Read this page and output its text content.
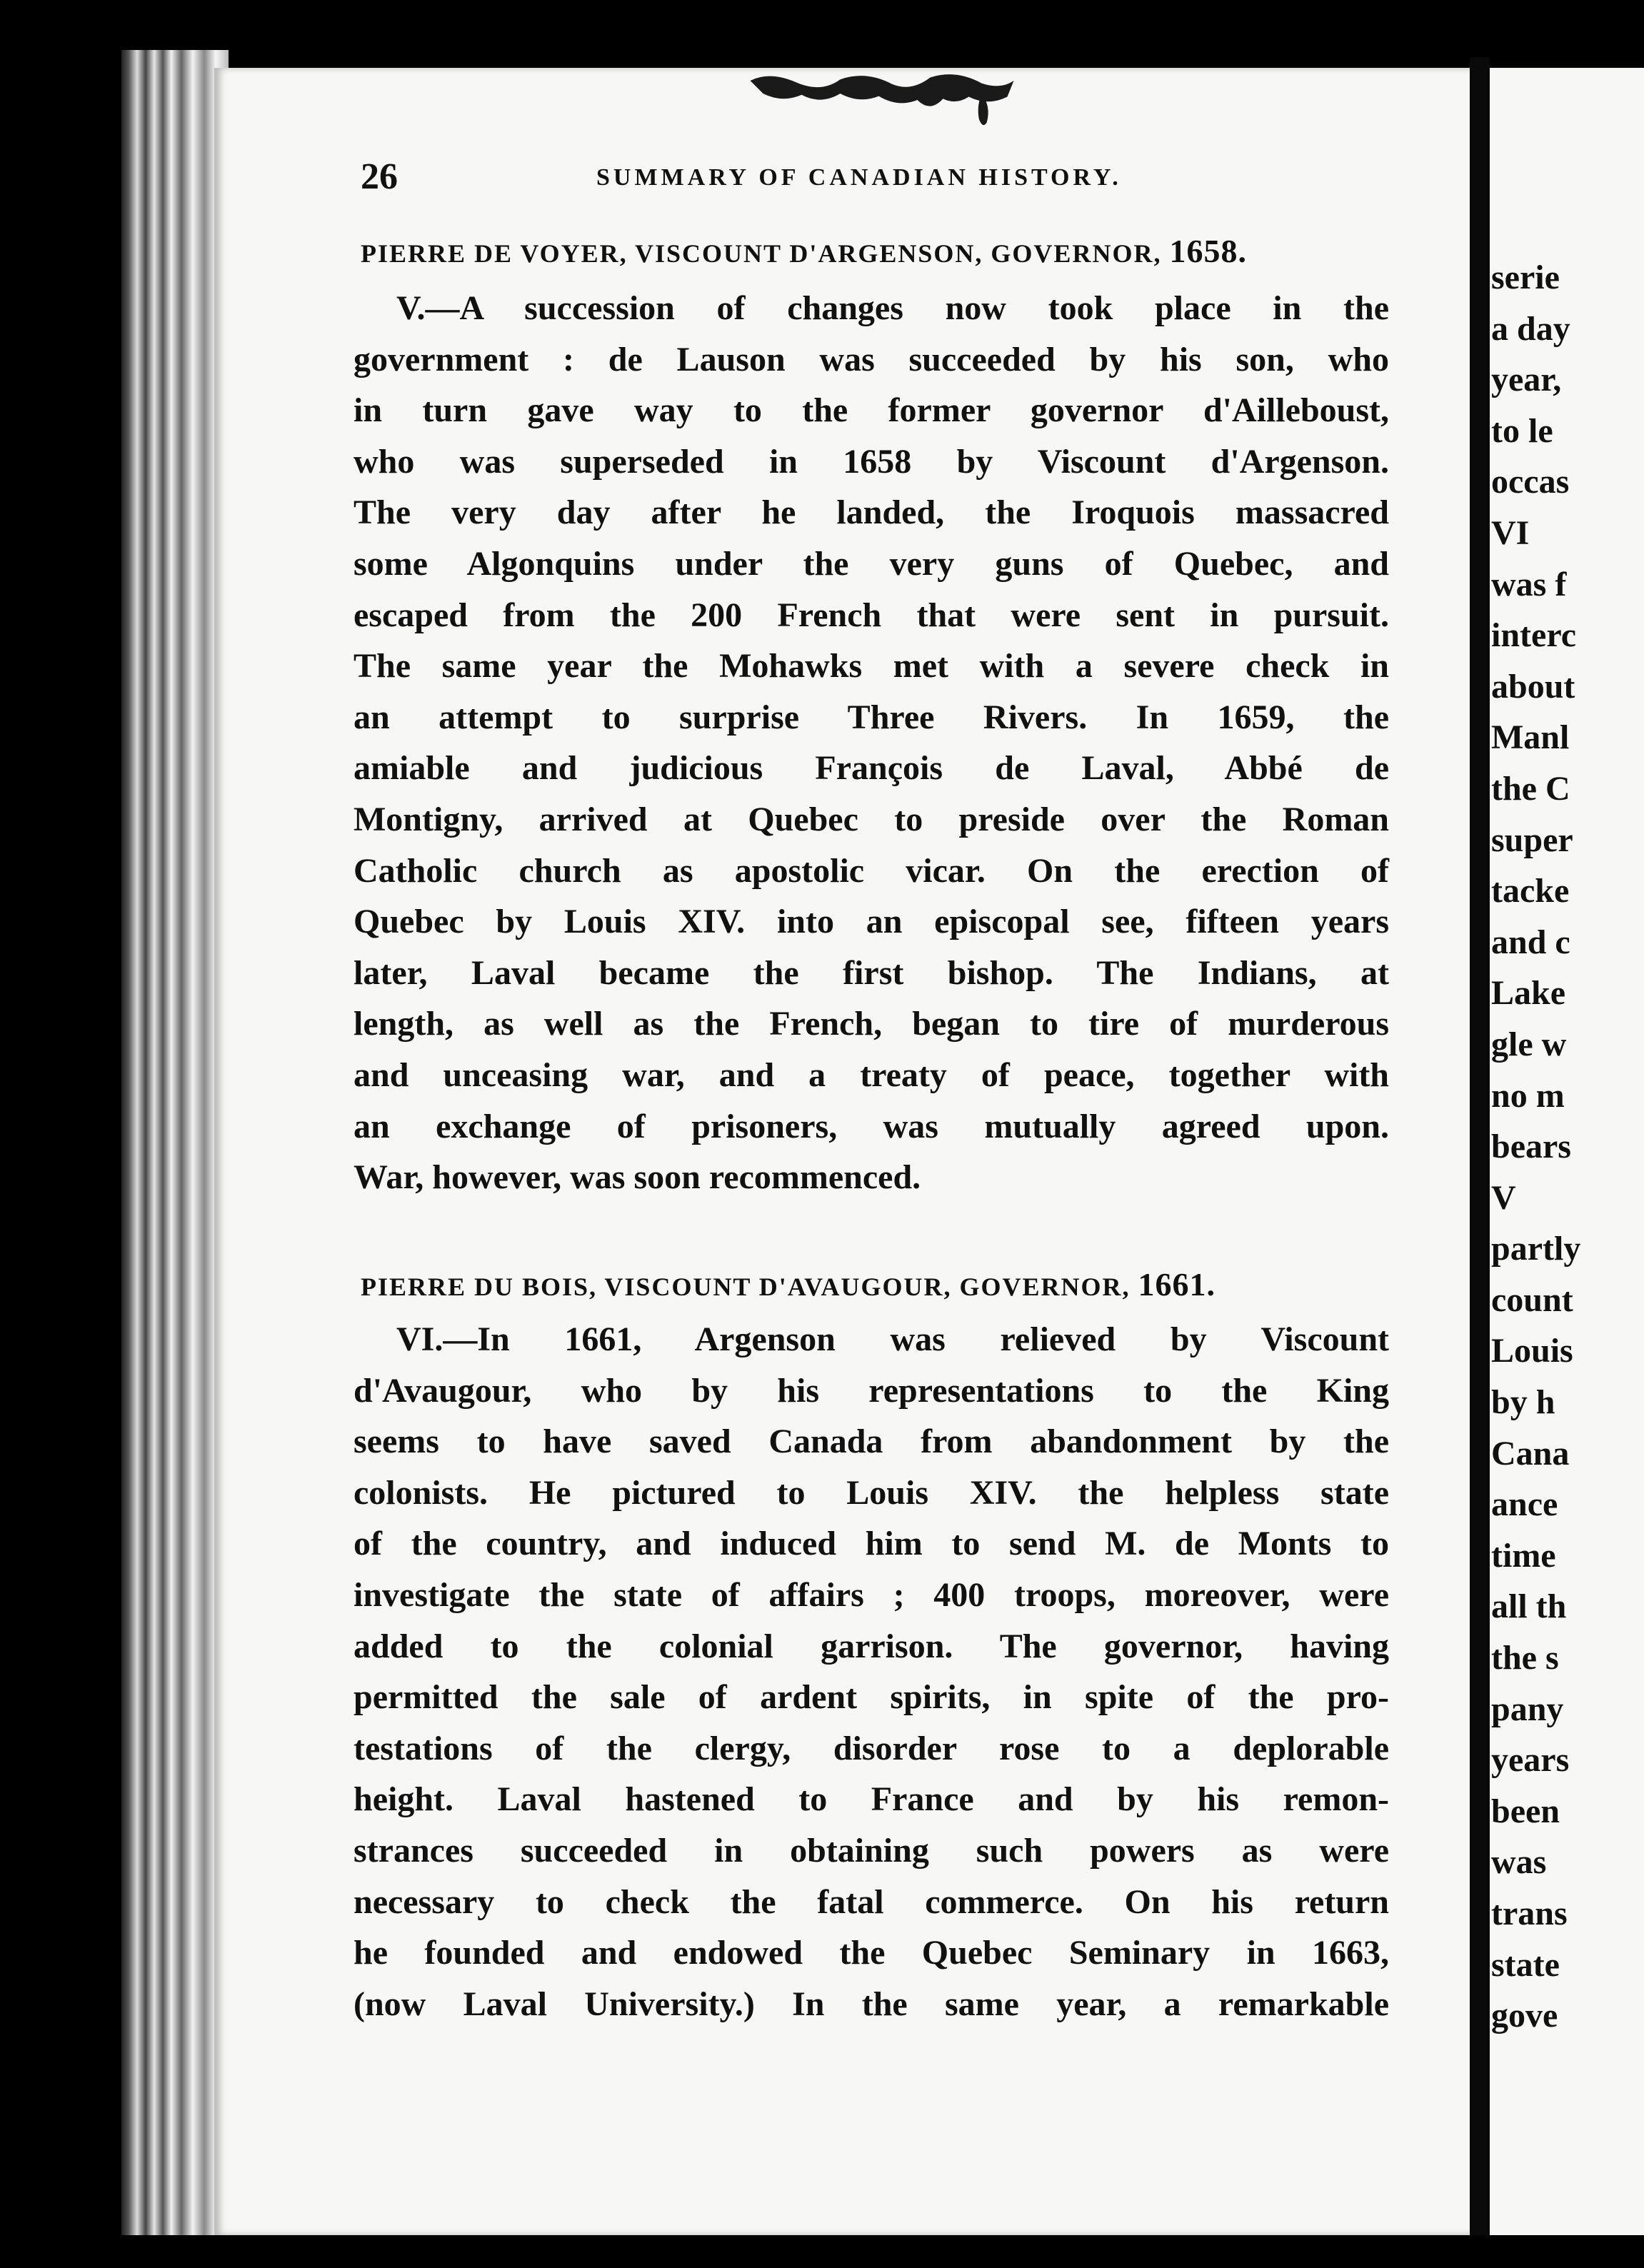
serie
a day
year,
to le
occas
VI
was f
interc
about
Manl
the C
super
tacke
and c
Lake
gle w
no m
bears
V
partly
count
Louis
by h
Cana
ance
time
all th
the s
pany
years
been
was
trans
state
gove
26	SUMMARY OF CANADIAN HISTORY.
PIERRE DE VOYER, VISCOUNT D'ARGENSON, GOVERNOR, 1658.
V.—A succession of changes now took place in the
government : de Lauson was succeeded by his son, who
in turn gave way to the former governor d'Ailleboust,
who was superseded in 1658 by Viscount d'Argenson.
The very day after he landed, the Iroquois massacred
some Algonquins under the very guns of Quebec, and
escaped from the 200 French that were sent in pursuit.
The same year the Mohawks met with a severe check in
an attempt to surprise Three Rivers. In 1659, the
amiable and judicious François de Laval, Abbé de
Montigny, arrived at Quebec to preside over the Roman
Catholic church as apostolic vicar. On the erection of
Quebec by Louis XIV. into an episcopal see, fifteen years
later, Laval became the first bishop. The Indians, at
length, as well as the French, began to tire of murderous
and unceasing war, and a treaty of peace, together with
an exchange of prisoners, was mutually agreed upon.
War, however, was soon recommenced.
PIERRE DU BOIS, VISCOUNT D'AVAUGOUR, GOVERNOR, 1661.
VI.—In 1661, Argenson was relieved by Viscount
d'Avaugour, who by his representations to the King
seems to have saved Canada from abandonment by the
colonists. He pictured to Louis XIV. the helpless state
of the country, and induced him to send M. de Monts to
investigate the state of affairs ; 400 troops, moreover, were
added to the colonial garrison. The governor, having
permitted the sale of ardent spirits, in spite of the pro-
testations of the clergy, disorder rose to a deplorable
height. Laval hastened to France and by his remon-
strances succeeded in obtaining such powers as were
necessary to check the fatal commerce. On his return
he founded and endowed the Quebec Seminary in 1663,
(now Laval University.) In the same year, a remarkable
